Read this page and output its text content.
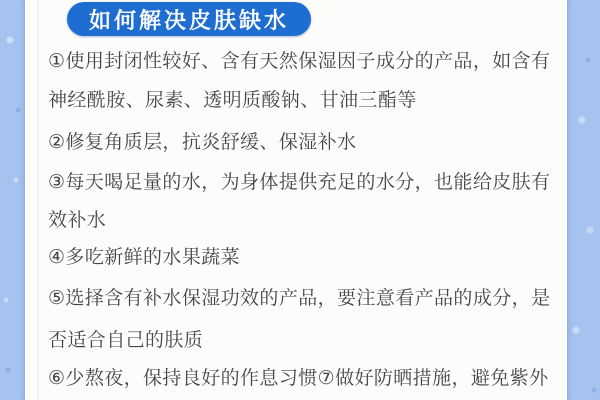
如何解决皮肤缺水
①使用封闭性较好、含有天然保湿因子成分的产品，如含有
神经酰胺、尿素、透明质酸钠、甘油三酯等
②修复角质层，抗炎舒缓、保湿补水
③每天喝足量的水，为身体提供充足的水分，也能给皮肤有
效补水
④多吃新鲜的水果蔬菜
⑤选择含有补水保湿功效的产品，要注意看产品的成分，是
否适合自己的肤质
⑥少熬夜，保持良好的作息习惯⑦做好防晒措施，避免紫外
